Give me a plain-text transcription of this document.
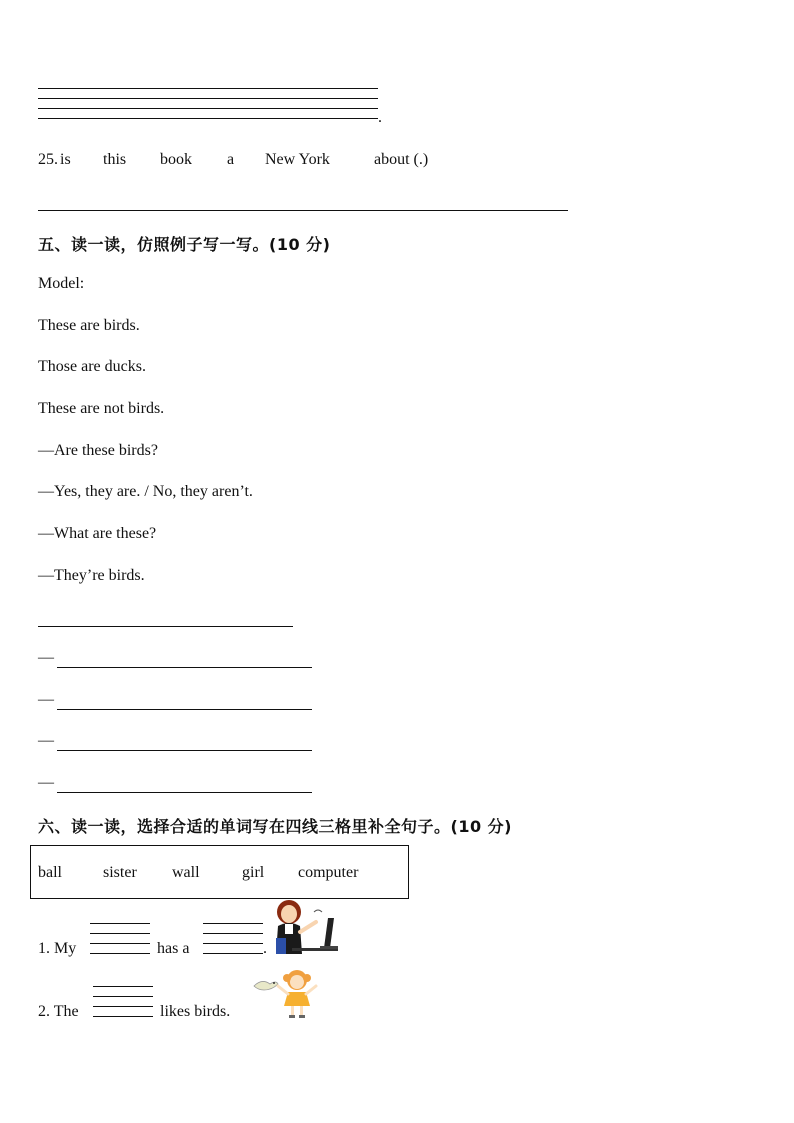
.
25. is this book a New York	about (.)
五、读一读，仿照例子写一写。(10 分)
Model:
These are birds.
Those are ducks.
These are not birds.
—Are these birds?
—Yes, they are. / No, they aren’t.
—What are these?
—They’re birds.
—
—
—
—
六、读一读，选择合适的单词写在四线三格里补全句子。(10 分)
ball	sister wall	girl computer
1. My	has a	.
2. The	likes birds.
